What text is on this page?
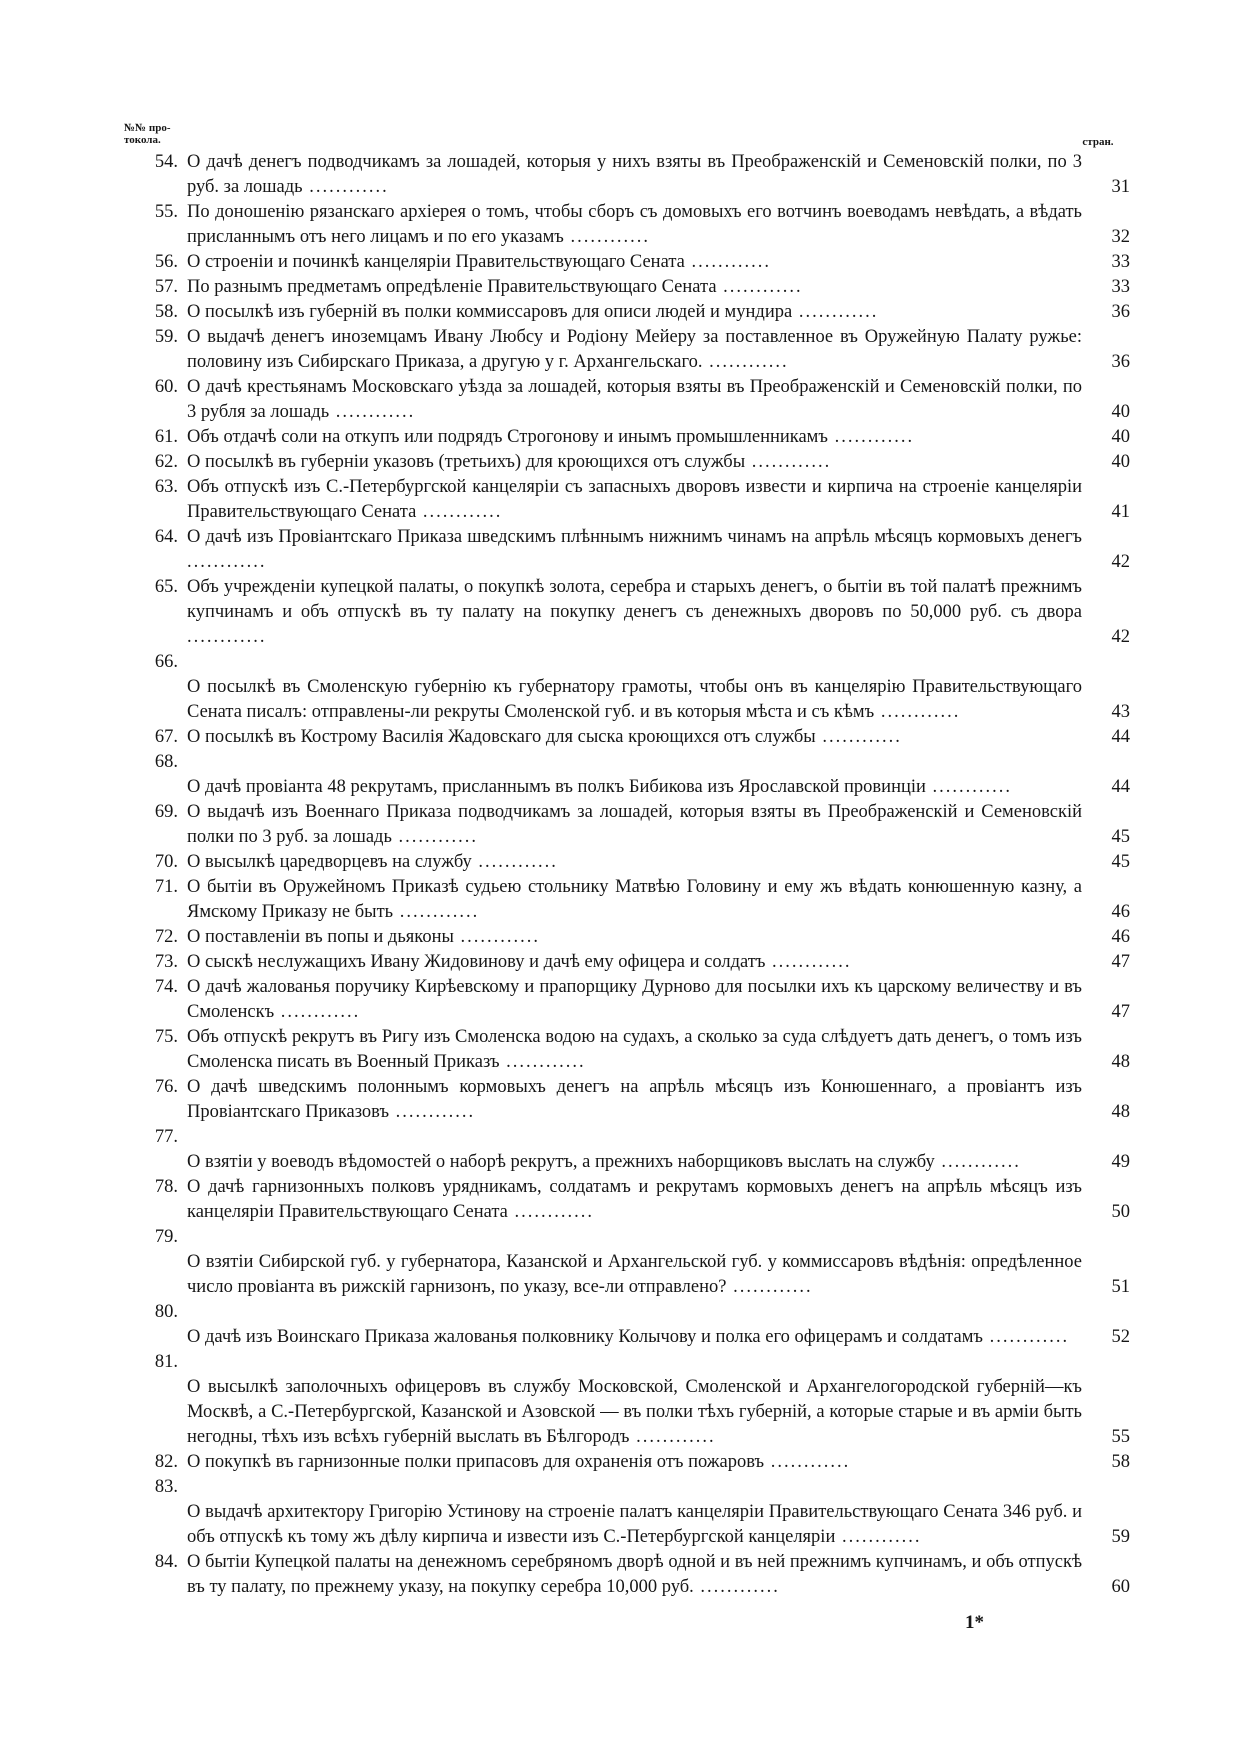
№№ про- токола.	стран.
54. О дачѣ денегъ подводчикамъ за лошадей, которыя у нихъ взяты въ Преображенскій и Семеновскій полки, по 3 руб. за лошадь ............	31
55. По доношенію рязанскаго архіерея о томъ, чтобы сборъ съ домовыхъ его вотчинъ воеводамъ невѣдать, а вѣдать присланнымъ отъ него лицамъ и по его указамъ ............	32
56. О строеніи и починкѣ канцеляріи Правительствующаго Сената ............	33
57. По разнымъ предметамъ опредѣленіе Правительствующаго Сената ............	33
58. О посылкѣ изъ губерній въ полки коммиссаровъ для описи людей и мундира ............	36
59. О выдачѣ денегъ иноземцамъ Ивану Любсу и Родіону Мейеру за поставленное въ Оружейную Палату ружье: половину изъ Сибирскаго Приказа, а другую у г. Архангельскаго. ............	36
60. О дачѣ крестьянамъ Московскаго уѣзда за лошадей, которыя взяты въ Преображенскій и Семеновскій полки, по 3 рубля за лошадь ............	40
61. Объ отдачѣ соли на откупъ или подрядъ Строгонову и инымъ промышленникамъ ............	40
62. О посылкѣ въ губерніи указовъ (третьихъ) для кроющихся отъ службы ............	40
63. Объ отпускѣ изъ С.-Петербургской канцеляріи съ запасныхъ дворовъ извести и кирпича на строеніе канцеляріи Правительствующаго Сената ............	41
64. О дачѣ изъ Провіантскаго Приказа шведскимъ плѣннымъ нижнимъ чинамъ на апрѣль мѣсяцъ кормовыхъ денегъ ............	42
65. Объ учрежденіи купецкой палаты, о покупкѣ золота, серебра и старыхъ денегъ, о бытіи въ той палатѣ прежнимъ купчинамъ и объ отпускѣ въ ту палату на покупку денегъ съ денежныхъ дворовъ по 50,000 руб. съ двора ............	42
66.
О посылкѣ въ Смоленскую губернію къ губернатору грамоты, чтобы онъ въ канцелярію Правительствующаго Сената писалъ: отправлены-ли рекруты Смоленской губ. и въ которыя мѣста и съ кѣмъ ............	43
67. О посылкѣ въ Кострому Василія Жадовскаго для сыска кроющихся отъ службы ............	44
68.
О дачѣ провіанта 48 рекрутамъ, присланнымъ въ полкъ Бибикова изъ Ярославской провинціи ............	44
69. О выдачѣ изъ Военнаго Приказа подводчикамъ за лошадей, которыя взяты въ Преображенскій и Семеновскій полки по 3 руб. за лошадь ............	45
70. О высылкѣ царедворцевъ на службу ............	45
71. О бытіи въ Оружейномъ Приказѣ судьею стольнику Матвѣю Головину и ему жъ вѣдать конюшенную казну, а Ямскому Приказу не быть ............	46
72. О поставленіи въ попы и дьяконы ............	46
73. О сыскѣ неслужащихъ Ивану Жидовинову и дачѣ ему офицера и солдатъ ............	47
74. О дачѣ жалованья поручику Кирѣевскому и прапорщику Дурново для посылки ихъ къ царскому величеству и въ Смоленскъ ............	47
75. Объ отпускѣ рекрутъ въ Ригу изъ Смоленска водою на судахъ, а сколько за суда слѣдуетъ дать денегъ, о томъ изъ Смоленска писать въ Военный Приказъ ............	48
76. О дачѣ шведскимъ полоннымъ кормовыхъ денегъ на апрѣль мѣсяцъ изъ Конюшеннаго, а провіантъ изъ Провіантскаго Приказовъ ............	48
77.
О взятіи у воеводъ вѣдомостей о наборѣ рекрутъ, а прежнихъ наборщиковъ выслать на службу ............	49
78. О дачѣ гарнизонныхъ полковъ урядникамъ, солдатамъ и рекрутамъ кормовыхъ денегъ на апрѣль мѣсяцъ изъ канцеляріи Правительствующаго Сената ............	50
79.
О взятіи Сибирской губ. у губернатора, Казанской и Архангельской губ. у коммиссаровъ вѣдѣнія: опредѣленное число провіанта въ рижскій гарнизонъ, по указу, все-ли отправлено? ............	51
80.
О дачѣ изъ Воинскаго Приказа жалованья полковнику Колычову и полка его офицерамъ и солдатамъ ............	52
81.
О высылкѣ заполочныхъ офицеровъ въ службу Московской, Смоленской и Архангелогородской губерній—къ Москвѣ, а С.-Петербургской, Казанской и Азовской — въ полки тѣхъ губерній, а которые старые и въ арміи быть негодны, тѣхъ изъ всѣхъ губерній выслать въ Бѣлгородъ ............	55
82. О покупкѣ въ гарнизонные полки припасовъ для охраненія отъ пожаровъ ............	58
83.
О выдачѣ архитектору Григорію Устинову на строеніе палатъ канцеляріи Правительствующаго Сената 346 руб. и объ отпускѣ къ тому жъ дѣлу кирпича и извести изъ С.-Петербургской канцеляріи ............	59
84. О бытіи Купецкой палаты на денежномъ серебряномъ дворѣ одной и въ ней прежнимъ купчинамъ, и объ отпускѣ въ ту палату, по прежнему указу, на покупку серебра 10,000 руб. ............	60
1*
